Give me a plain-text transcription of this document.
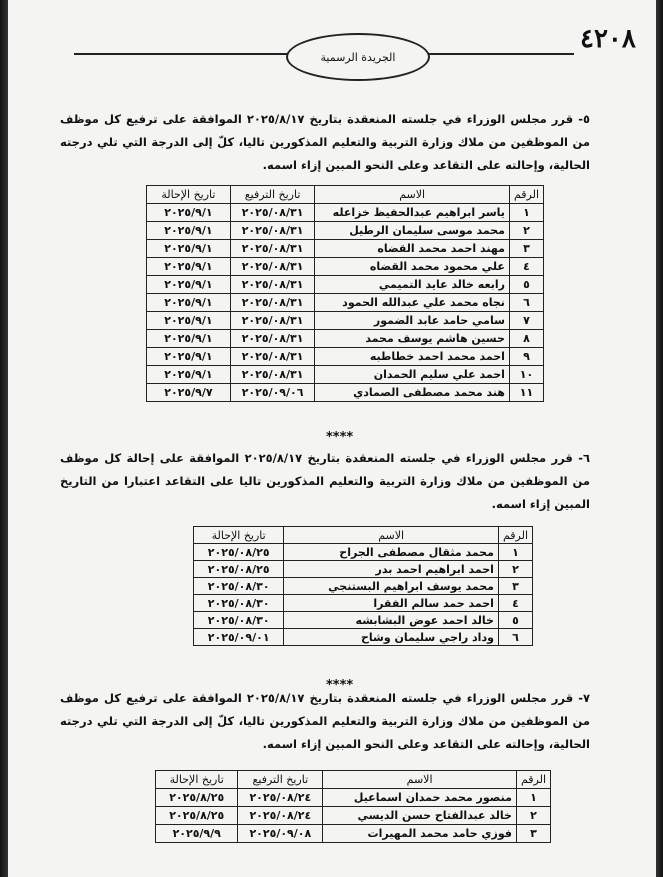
٤٢٠٨
الجريدة الرسمية
٥- قرر مجلس الوزراء في جلسته المنعقدة بتاريخ ٢٠٢٥/٨/١٧ الموافقة على ترفيع كل موظف من الموظفين من ملاك وزارة التربية والتعليم المذكورين تاليا، كلّ إلى الدرجة التي تلي درجته الحالية، وإحالته على التقاعد وعلى النحو المبين إزاء اسمه.
الرقم	الاسم	تاريخ الترفيع	تاريخ الإحالة
١	ياسر ابراهيم عبدالحفيظ خزاعله	٢٠٢٥/٠٨/٣١	٢٠٢٥/٩/١
٢	محمد موسى سليمان الرطيل	٢٠٢٥/٠٨/٣١	٢٠٢٥/٩/١
٣	مهند احمد محمد القضاه	٢٠٢٥/٠٨/٣١	٢٠٢٥/٩/١
٤	علي محمود محمد القضاه	٢٠٢٥/٠٨/٣١	٢٠٢٥/٩/١
٥	رابعه خالد عايد التميمي	٢٠٢٥/٠٨/٣١	٢٠٢٥/٩/١
٦	نجاه محمد علي عبدالله الحمود	٢٠٢٥/٠٨/٣١	٢٠٢٥/٩/١
٧	سامي حامد عابد الضمور	٢٠٢٥/٠٨/٣١	٢٠٢٥/٩/١
٨	حسين هاشم يوسف محمد	٢٠٢٥/٠٨/٣١	٢٠٢٥/٩/١
٩	احمد محمد احمد خطاطبه	٢٠٢٥/٠٨/٣١	٢٠٢٥/٩/١
١٠	احمد علي سليم الحمدان	٢٠٢٥/٠٨/٣١	٢٠٢٥/٩/١
١١	هند محمد مصطفى الصمادي	٢٠٢٥/٠٩/٠٦	٢٠٢٥/٩/٧
****
٦- قرر مجلس الوزراء في جلسته المنعقدة بتاريخ ٢٠٢٥/٨/١٧ الموافقة على إحالة كل موظف من الموظفين من ملاك وزارة التربية والتعليم المذكورين تاليا على التقاعد اعتبارا من التاريخ المبين إزاء اسمه.
الرقم	الاسم	تاريخ الإحالة
١	محمد مثقال مصطفى الجراح	٢٠٢٥/٠٨/٢٥
٢	احمد ابراهيم احمد بدر	٢٠٢٥/٠٨/٢٥
٣	محمد يوسف ابراهيم البستنجي	٢٠٢٥/٠٨/٣٠
٤	احمد حمد سالم الفقرا	٢٠٢٥/٠٨/٣٠
٥	خالد احمد عوض البشابشه	٢٠٢٥/٠٨/٣٠
٦	وداد راجي سليمان وشاح	٢٠٢٥/٠٩/٠١
****
٧- قرر مجلس الوزراء في جلسته المنعقدة بتاريخ ٢٠٢٥/٨/١٧ الموافقة على ترفيع كل موظف من الموظفين من ملاك وزارة التربية والتعليم المذكورين تاليا، كلّ إلى الدرجة التي تلي درجته الحالية، وإحالته على التقاعد وعلى النحو المبين إزاء اسمه.
الرقم	الاسم	تاريخ الترفيع	تاريخ الإحالة
١	منصور محمد حمدان اسماعيل	٢٠٢٥/٠٨/٢٤	٢٠٢٥/٨/٢٥
٢	خالد عبدالفتاح حسن الديسي	٢٠٢٥/٠٨/٢٤	٢٠٢٥/٨/٢٥
٣	فوزي حامد محمد المهيرات	٢٠٢٥/٠٩/٠٨	٢٠٢٥/٩/٩
